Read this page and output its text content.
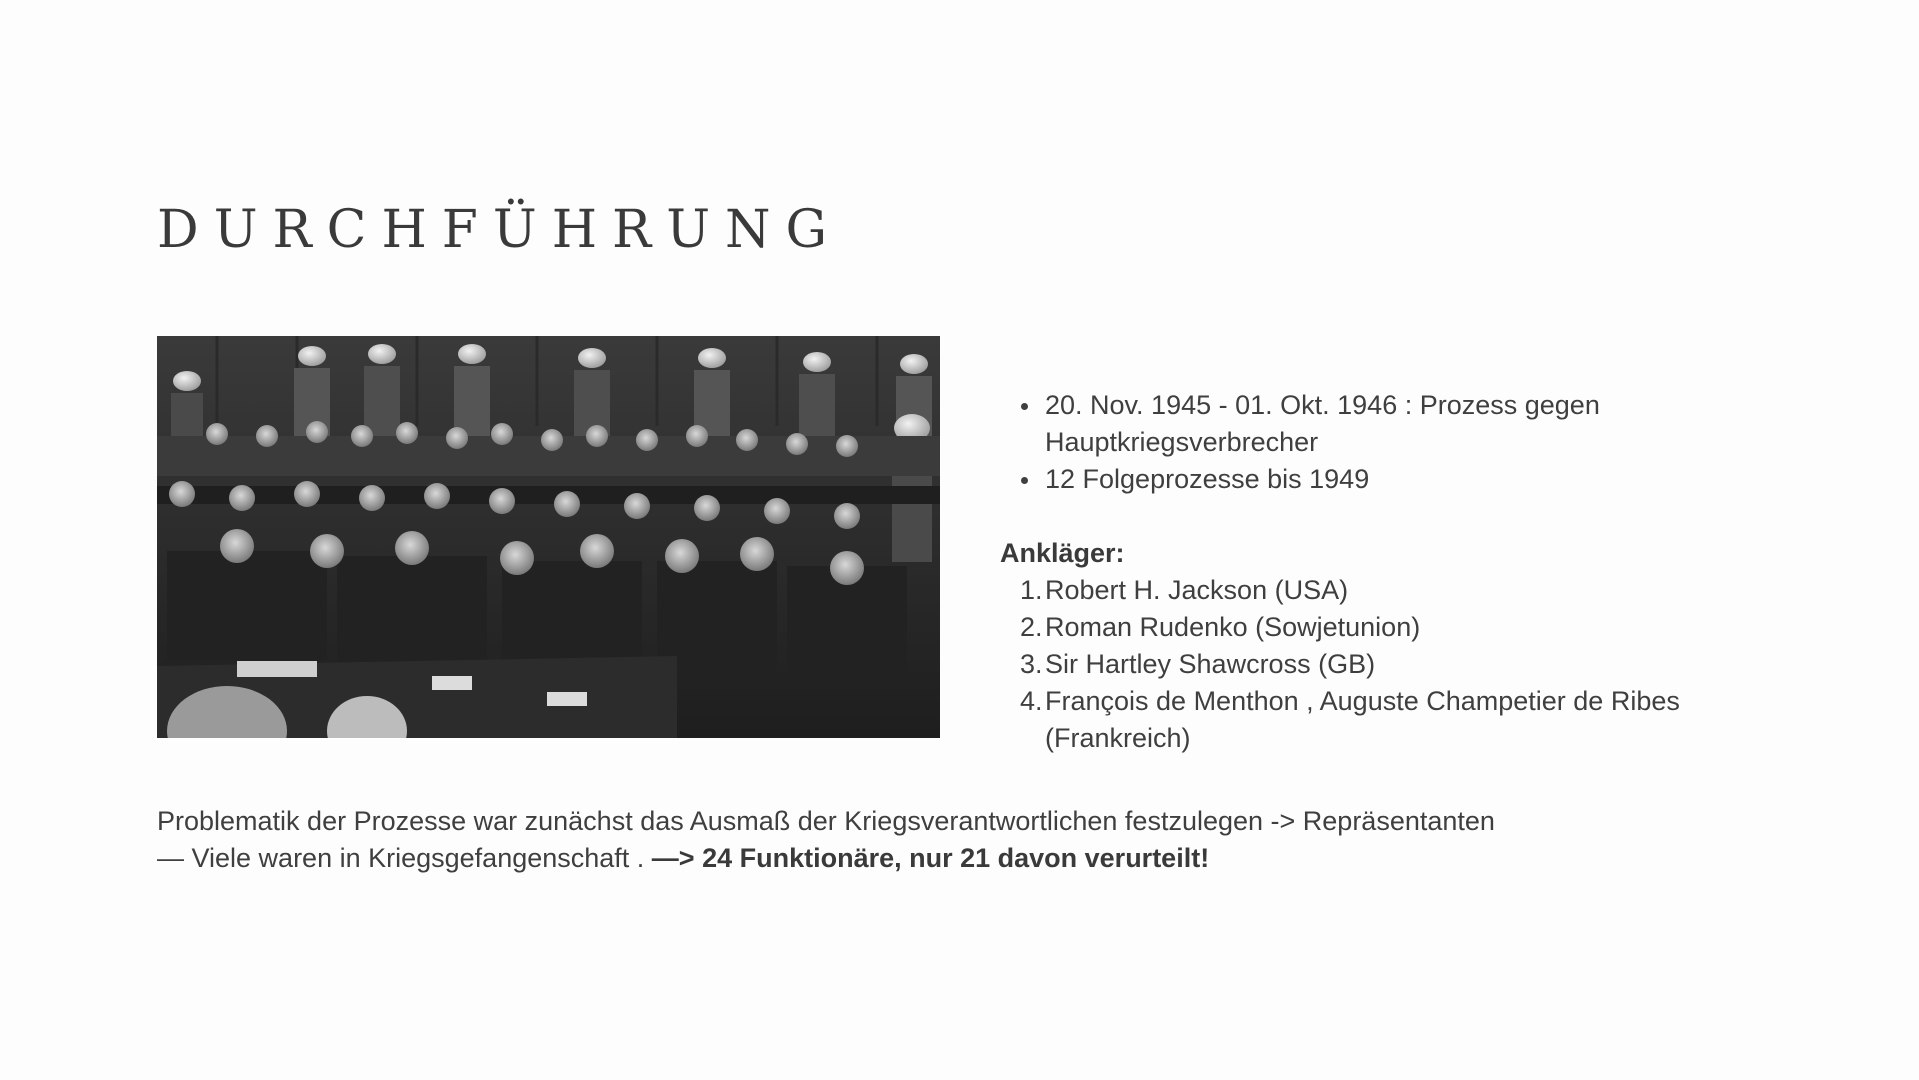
DURCHFÜHRUNG
20. Nov. 1945 - 01. Okt. 1946 : Prozess gegen Hauptkriegsverbrecher
12 Folgeprozesse bis 1949
Ankläger:
1. Robert H. Jackson (USA)
2. Roman Rudenko (Sowjetunion)
3. Sir Hartley Shawcross (GB)
4. François de Menthon , Auguste Champetier de Ribes (Frankreich)
Problematik der Prozesse war zunächst das Ausmaß der Kriegsverantwortlichen festzulegen -> Repräsentanten
— Viele waren in Kriegsgefangenschaft . —> 24 Funktionäre, nur 21 davon verurteilt!
